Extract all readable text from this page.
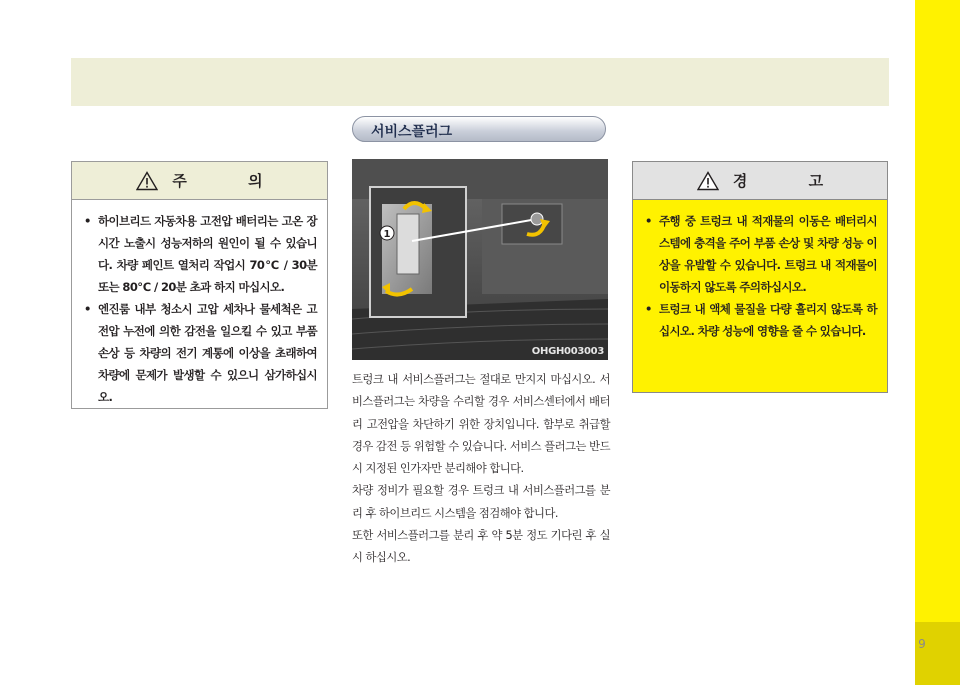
9
서비스플러그
주 의
• 하이브리드 자동차용 고전압 배터리는 고온 장시간 노출시 성능저하의 원인이 될 수 있습니다. 차량 페인트 열처리 작업시 70℃ / 30분 또는 80℃ / 20분 초과 하지 마십시오.
• 엔진룸 내부 청소시 고압 세차나 물세척은 고전압 누전에 의한 감전을 일으킬 수 있고 부품 손상 등 차량의 전기 계통에 이상을 초래하여 차량에 문제가 발생할 수 있으니 삼가하십시오.
1
OHGH003003

트렁크 내 서비스플러그는 절대로 만지지 마십시오. 서비스플러그는 차량을 수리할 경우 서비스센터에서 배터리 고전압을 차단하기 위한 장치입니다. 함부로 취급할 경우 감전 등 위험할 수 있습니다. 서비스 플러그는 반드시 지정된 인가자만 분리해야 합니다.

차량 정비가 필요할 경우 트렁크 내 서비스플러그를 분리 후 하이브리드 시스템을 점검해야 합니다.

또한 서비스플러그를 분리 후 약 5분 정도 기다린 후 실시 하십시오.

경 고
• 주행 중 트렁크 내 적재물의 이동은 배터리시스템에 충격을 주어 부품 손상 및 차량 성능 이상을 유발할 수 있습니다. 트렁크 내 적재물이 이동하지 않도록 주의하십시오.
• 트렁크 내 액체 물질을 다량 흘리지 않도록 하십시오. 차량 성능에 영향을 줄 수 있습니다.
